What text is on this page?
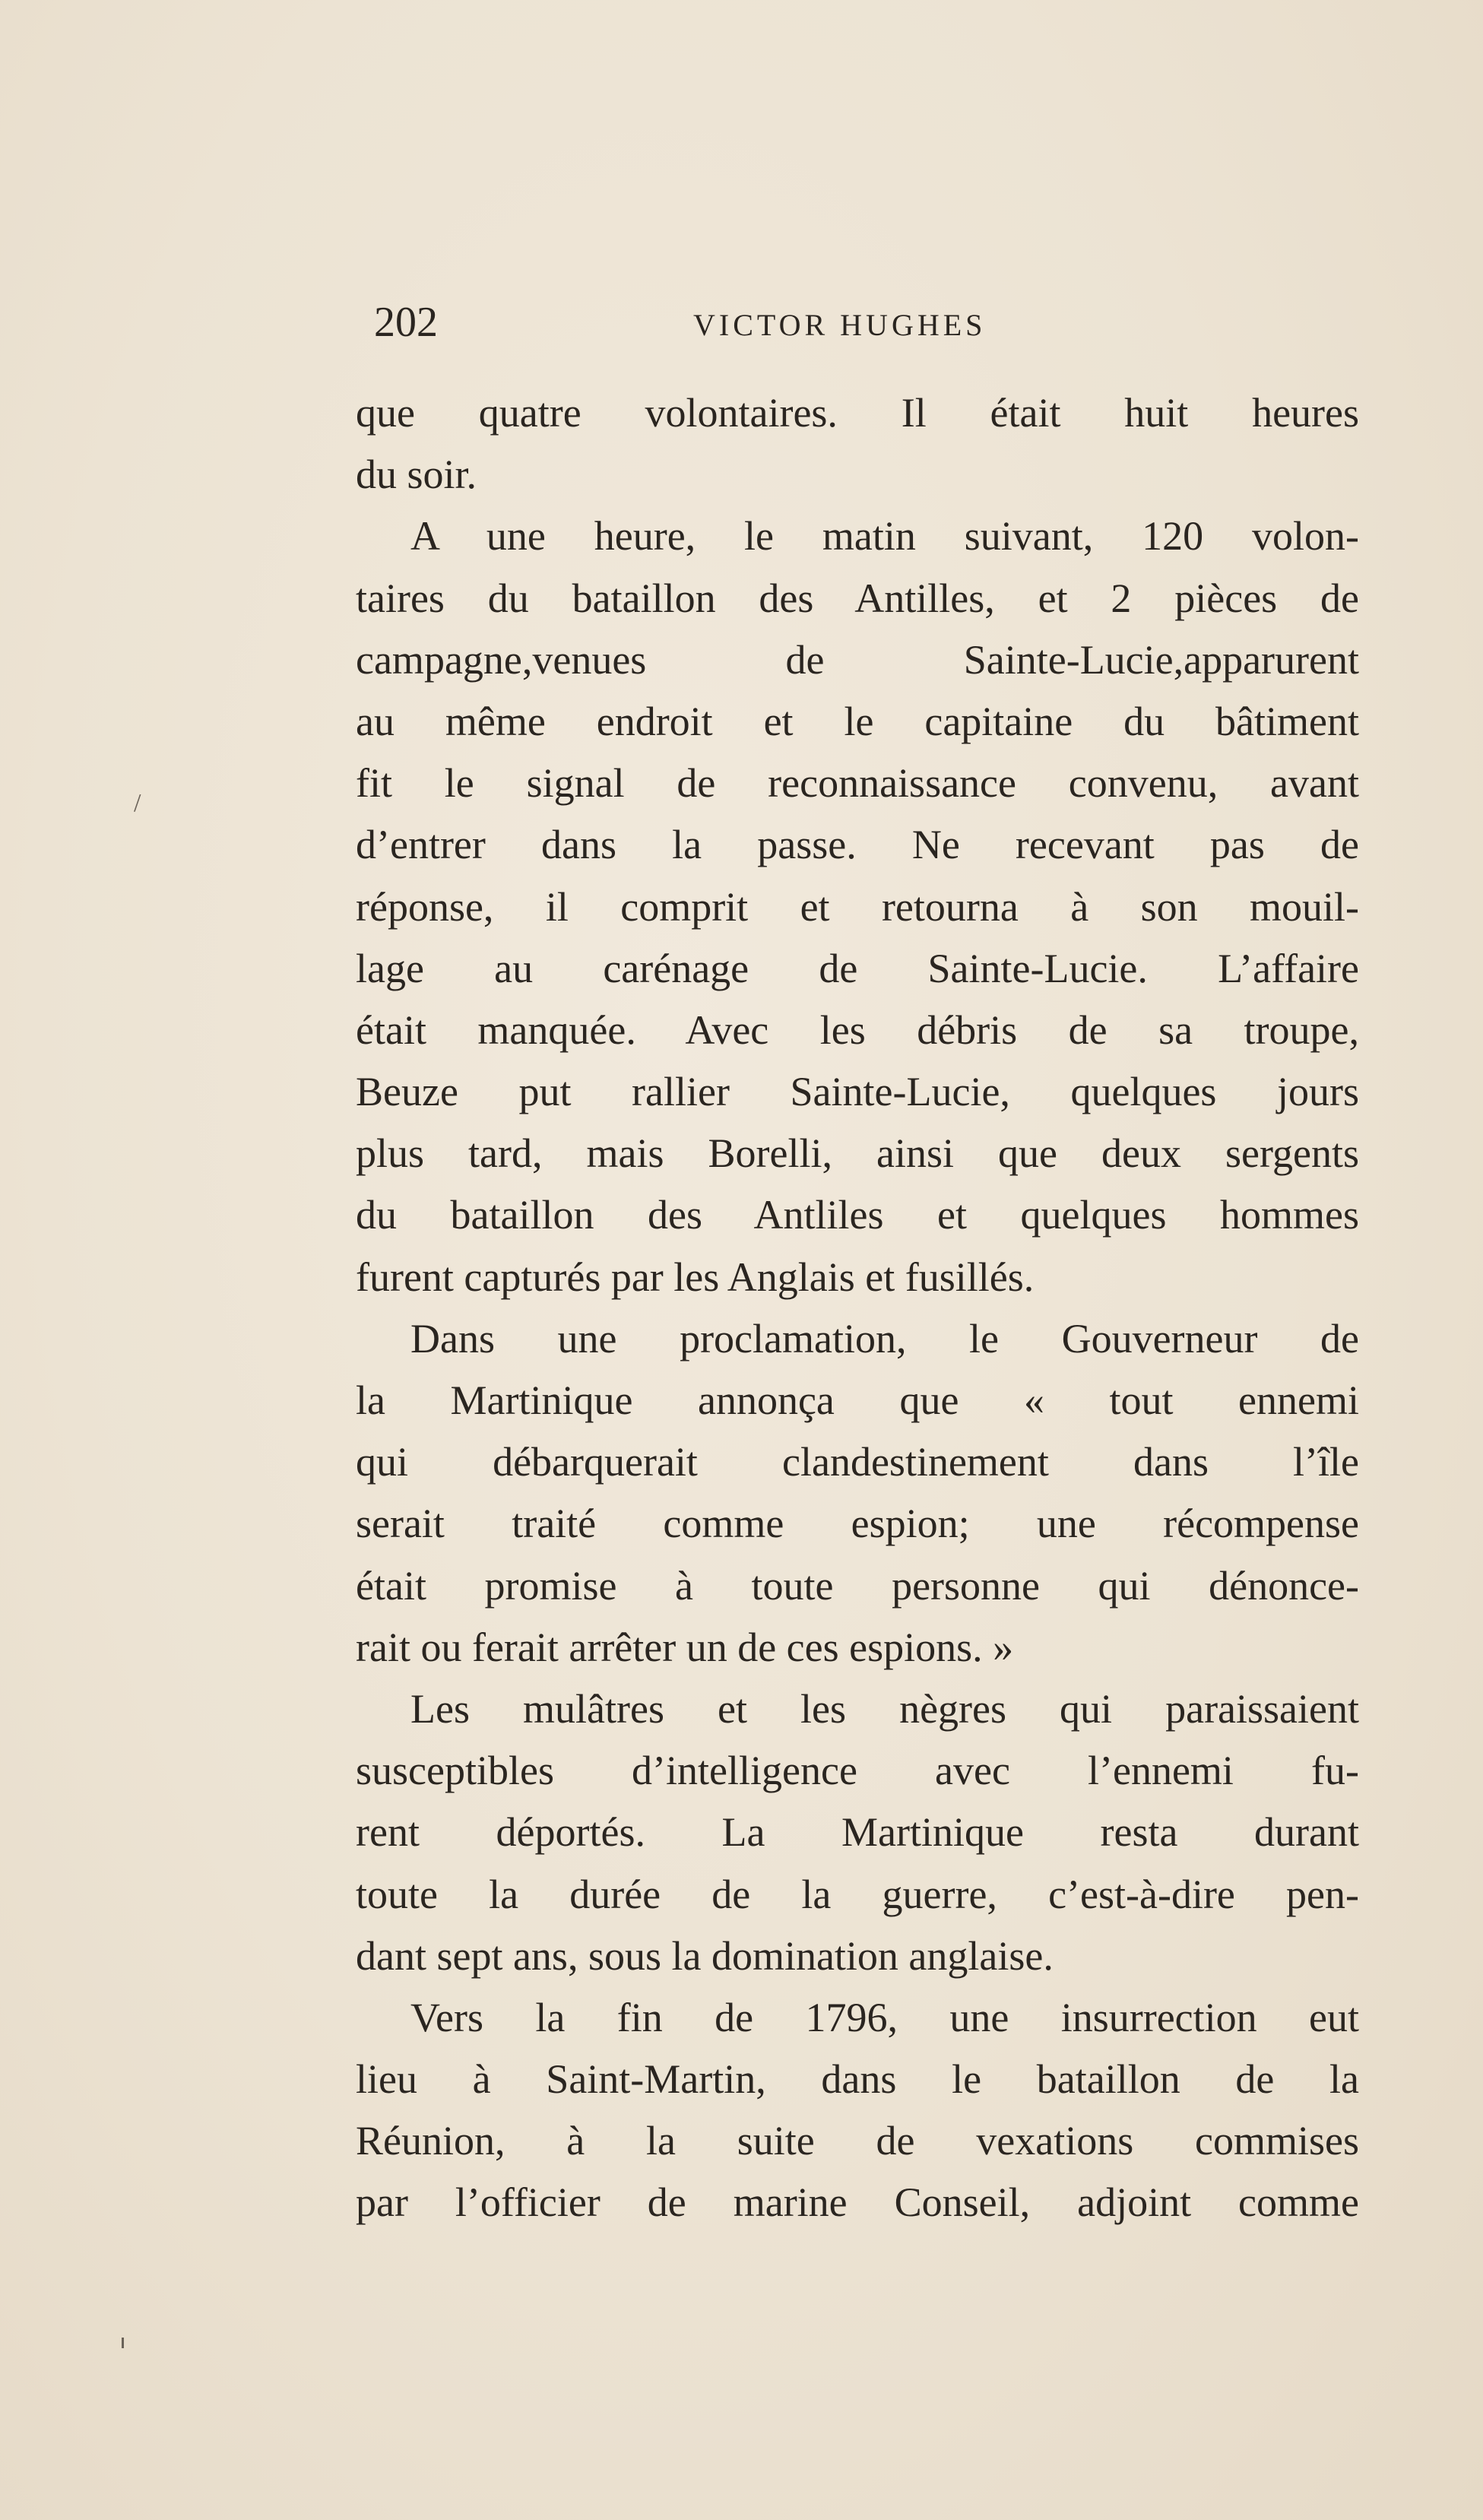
202	VICTOR HUGHES
/
que quatre volontaires. Il était huit heures
du soir.
A une heure, le matin suivant, 120 volon-
taires du bataillon des Antilles, et 2 pièces de
campagne,venues de Sainte-Lucie,apparurent
au même endroit et le capitaine du bâtiment
fit le signal de reconnaissance convenu, avant
d’entrer dans la passe. Ne recevant pas de
réponse, il comprit et retourna à son mouil-
lage au carénage de Sainte-Lucie. L’affaire
était manquée. Avec les débris de sa troupe,
Beuze put rallier Sainte-Lucie, quelques jours
plus tard, mais Borelli, ainsi que deux sergents
du bataillon des Antliles et quelques hommes
furent capturés par les Anglais et fusillés.
Dans une proclamation, le Gouverneur de
la Martinique annonça que « tout ennemi
qui débarquerait clandestinement dans l’île
serait traité comme espion; une récompense
était promise à toute personne qui dénonce-
rait ou ferait arrêter un de ces espions. »
Les mulâtres et les nègres qui paraissaient
susceptibles d’intelligence avec l’ennemi fu-
rent déportés. La Martinique resta durant
toute la durée de la guerre, c’est-à-dire pen-
dant sept ans, sous la domination anglaise.
Vers la fin de 1796, une insurrection eut
lieu à Saint-Martin, dans le bataillon de la
Réunion, à la suite de vexations commises
par l’officier de marine Conseil, adjoint comme
